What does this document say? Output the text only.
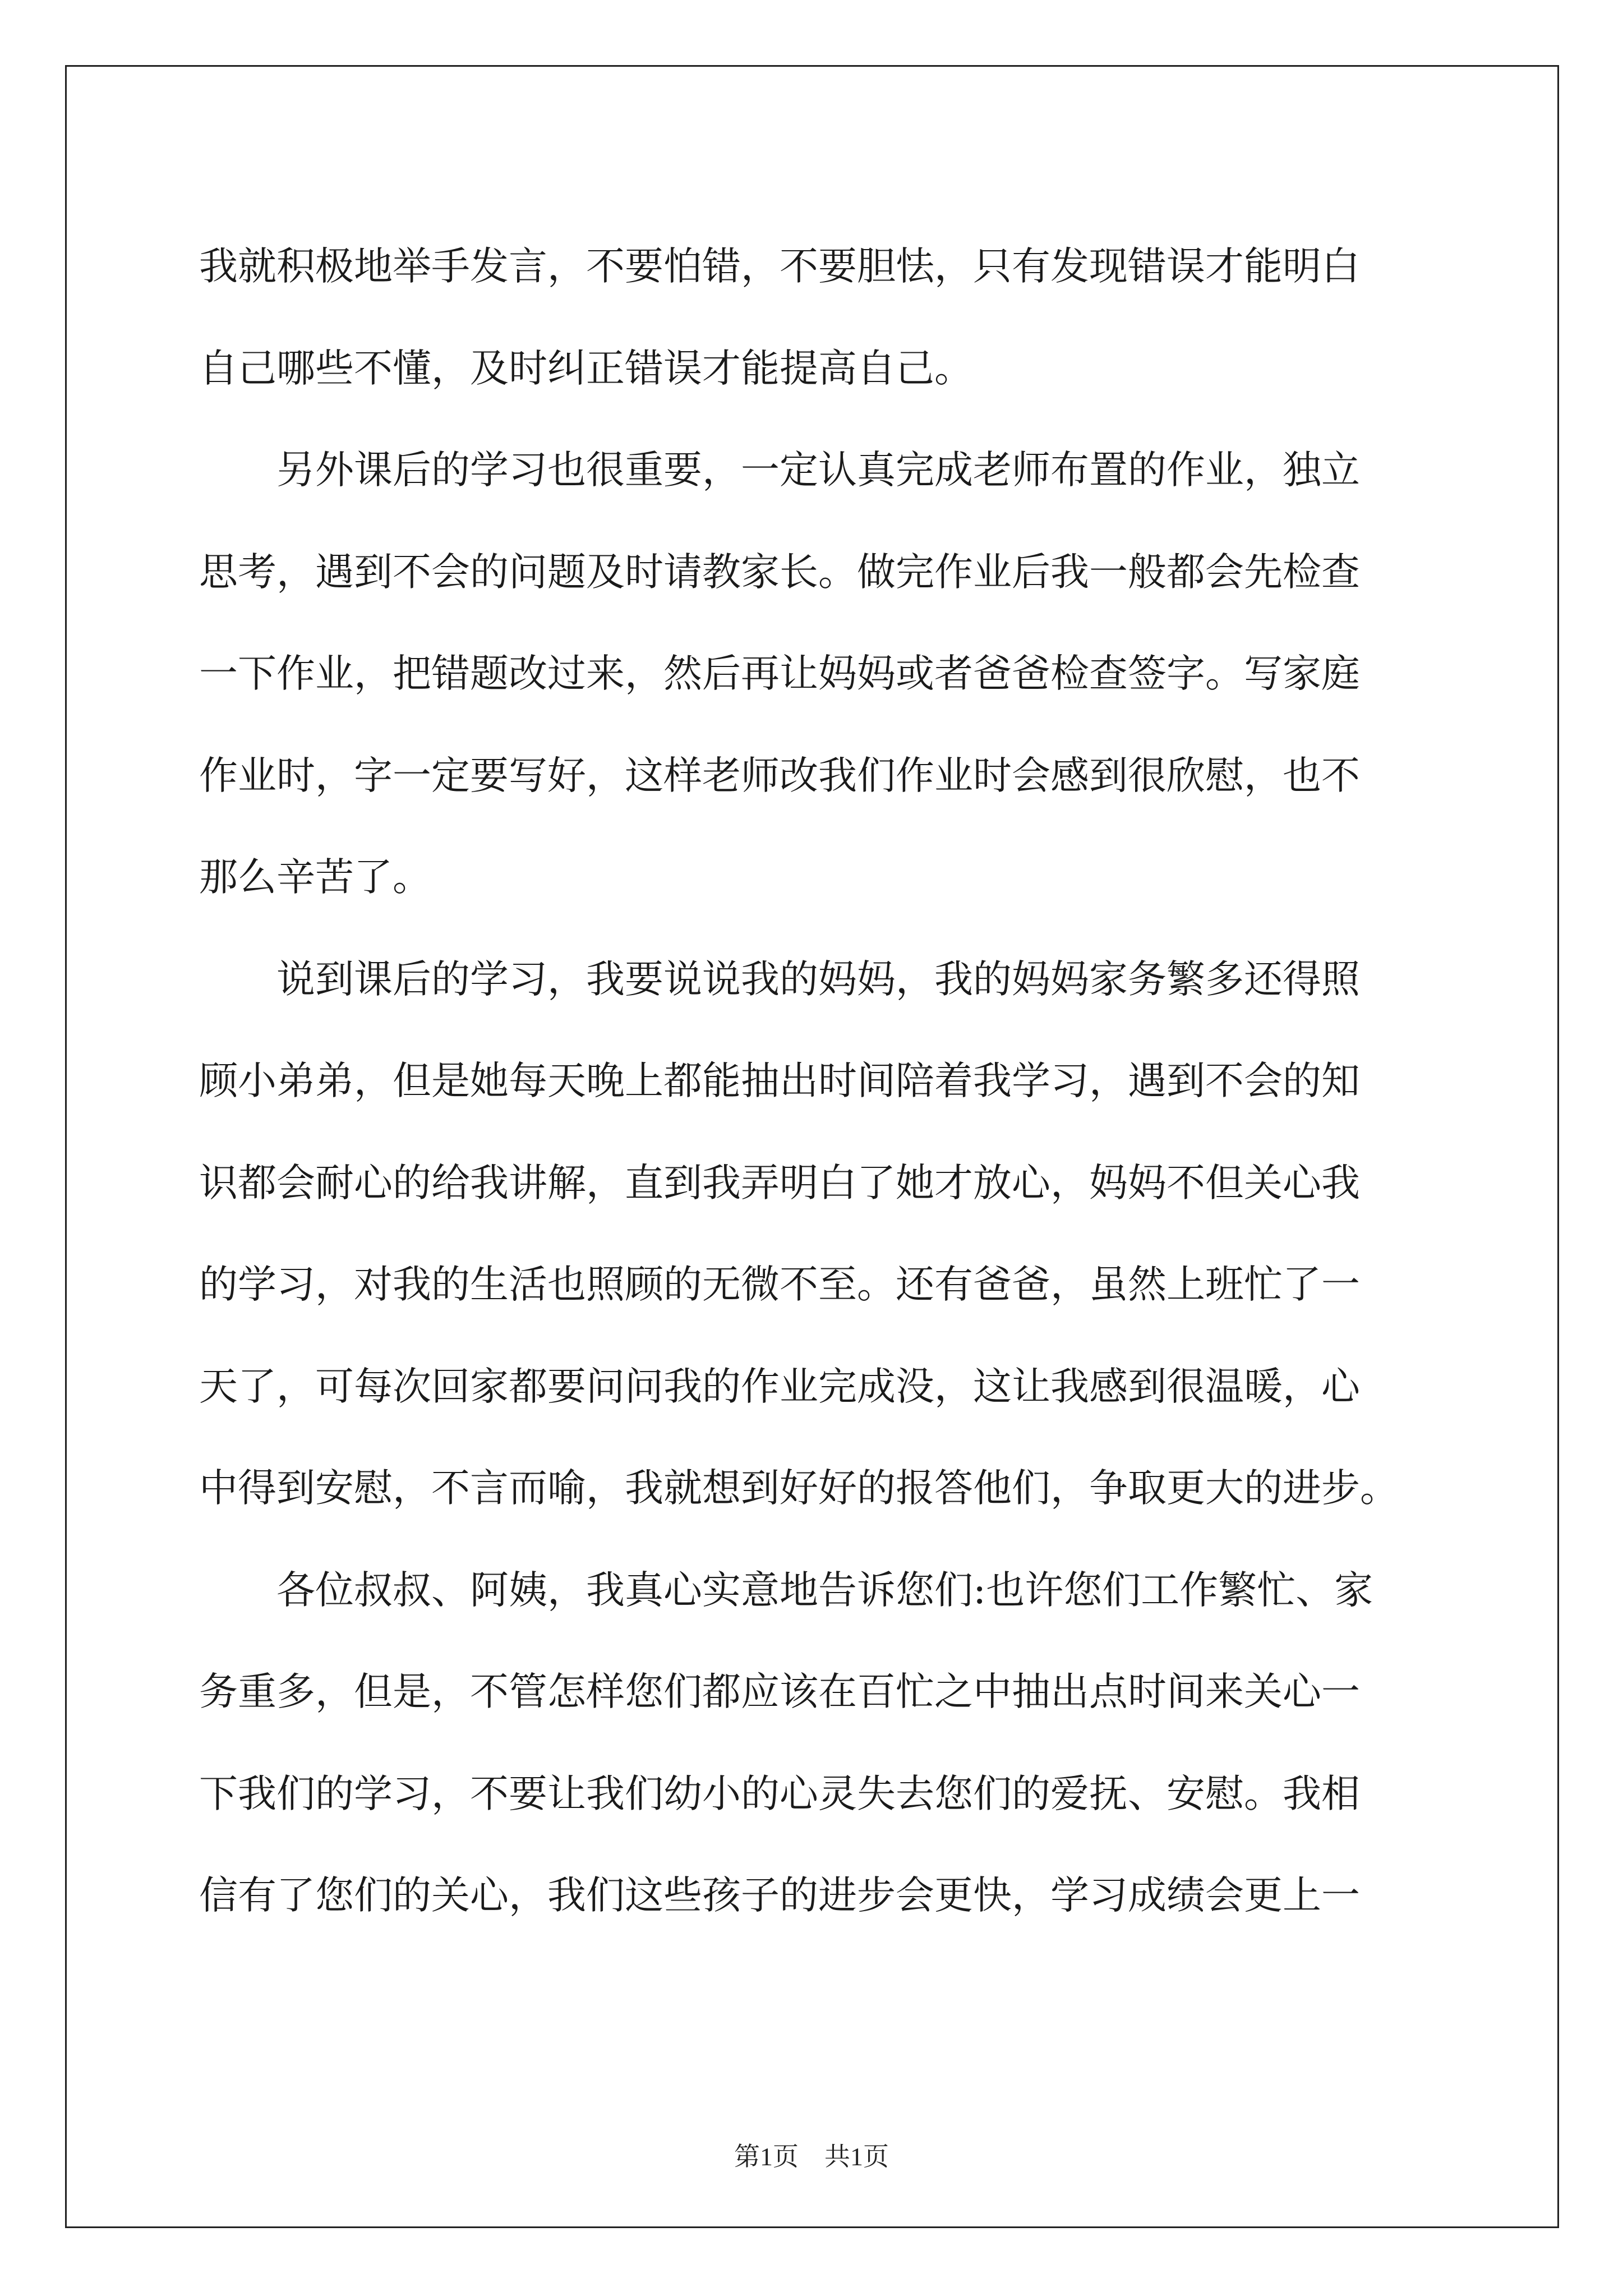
我就积极地举手发言，不要怕错，不要胆怯，只有发现错误才能明白
自己哪些不懂，及时纠正错误才能提高自己。
　　另外课后的学习也很重要，一定认真完成老师布置的作业，独立
思考，遇到不会的问题及时请教家长。做完作业后我一般都会先检查
一下作业，把错题改过来，然后再让妈妈或者爸爸检查签字。写家庭
作业时，字一定要写好，这样老师改我们作业时会感到很欣慰，也不
那么辛苦了。
　　说到课后的学习，我要说说我的妈妈，我的妈妈家务繁多还得照
顾小弟弟，但是她每天晚上都能抽出时间陪着我学习，遇到不会的知
识都会耐心的给我讲解，直到我弄明白了她才放心，妈妈不但关心我
的学习，对我的生活也照顾的无微不至。还有爸爸，虽然上班忙了一
天了，可每次回家都要问问我的作业完成没，这让我感到很温暖，心
中得到安慰，不言而喻，我就想到好好的报答他们，争取更大的进步。
　　各位叔叔、阿姨，我真心实意地告诉您们:也许您们工作繁忙、家
务重多，但是，不管怎样您们都应该在百忙之中抽出点时间来关心一
下我们的学习，不要让我们幼小的心灵失去您们的爱抚、安慰。我相
信有了您们的关心，我们这些孩子的进步会更快，学习成绩会更上一
第1页　共1页
